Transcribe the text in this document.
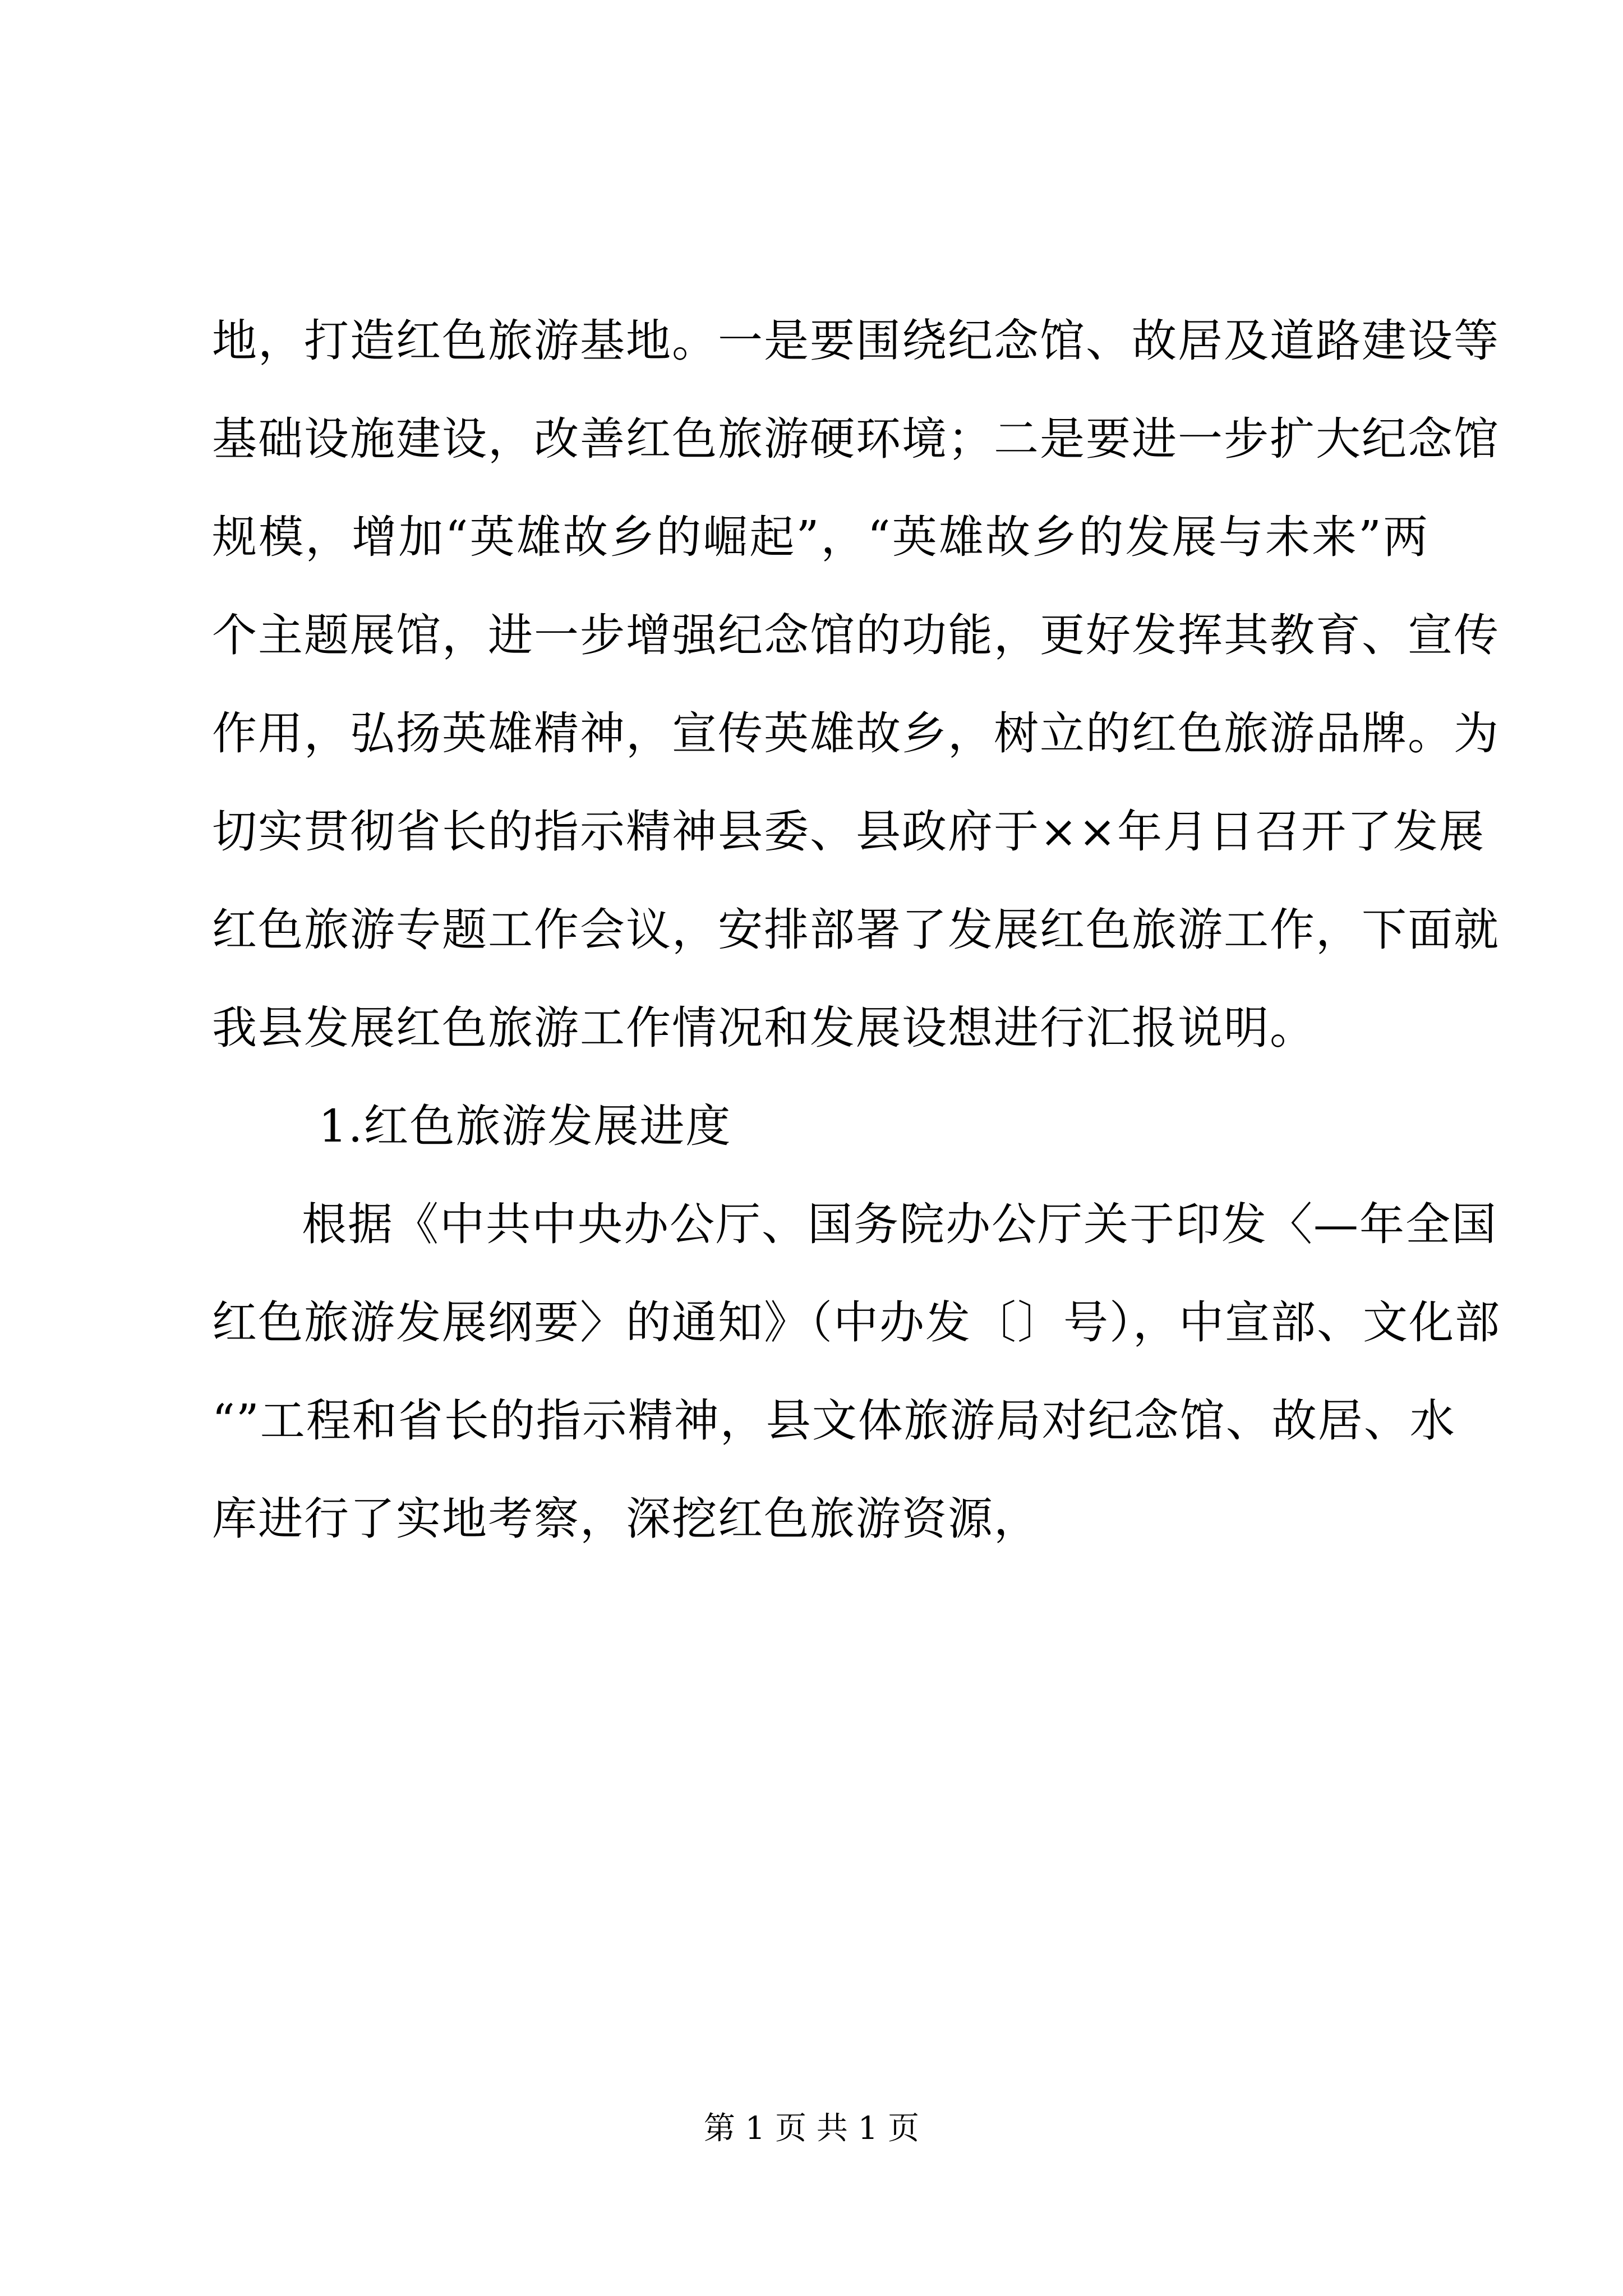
地，打造红色旅游基地。一是要围绕纪念馆、故居及道路建设等
基础设施建设，改善红色旅游硬环境；二是要进一步扩大纪念馆
规模，增加“英雄故乡的崛起”，“英雄故乡的发展与未来”两
个主题展馆，进一步增强纪念馆的功能，更好发挥其教育、宣传
作用，弘扬英雄精神，宣传英雄故乡，树立的红色旅游品牌。为
切实贯彻省长的指示精神县委、县政府于××年月日召开了发展
红色旅游专题工作会议，安排部署了发展红色旅游工作，下面就
我县发展红色旅游工作情况和发展设想进行汇报说明。
1.红色旅游发展进度
根据《中共中央办公厅、国务院办公厅关于印发〈—年全国
红色旅游发展纲要〉的通知》（中办发〔〕号），中宣部、文化部
“”工程和省长的指示精神，县文体旅游局对纪念馆、故居、水
库进行了实地考察，深挖红色旅游资源，
第 1 页 共 1 页
